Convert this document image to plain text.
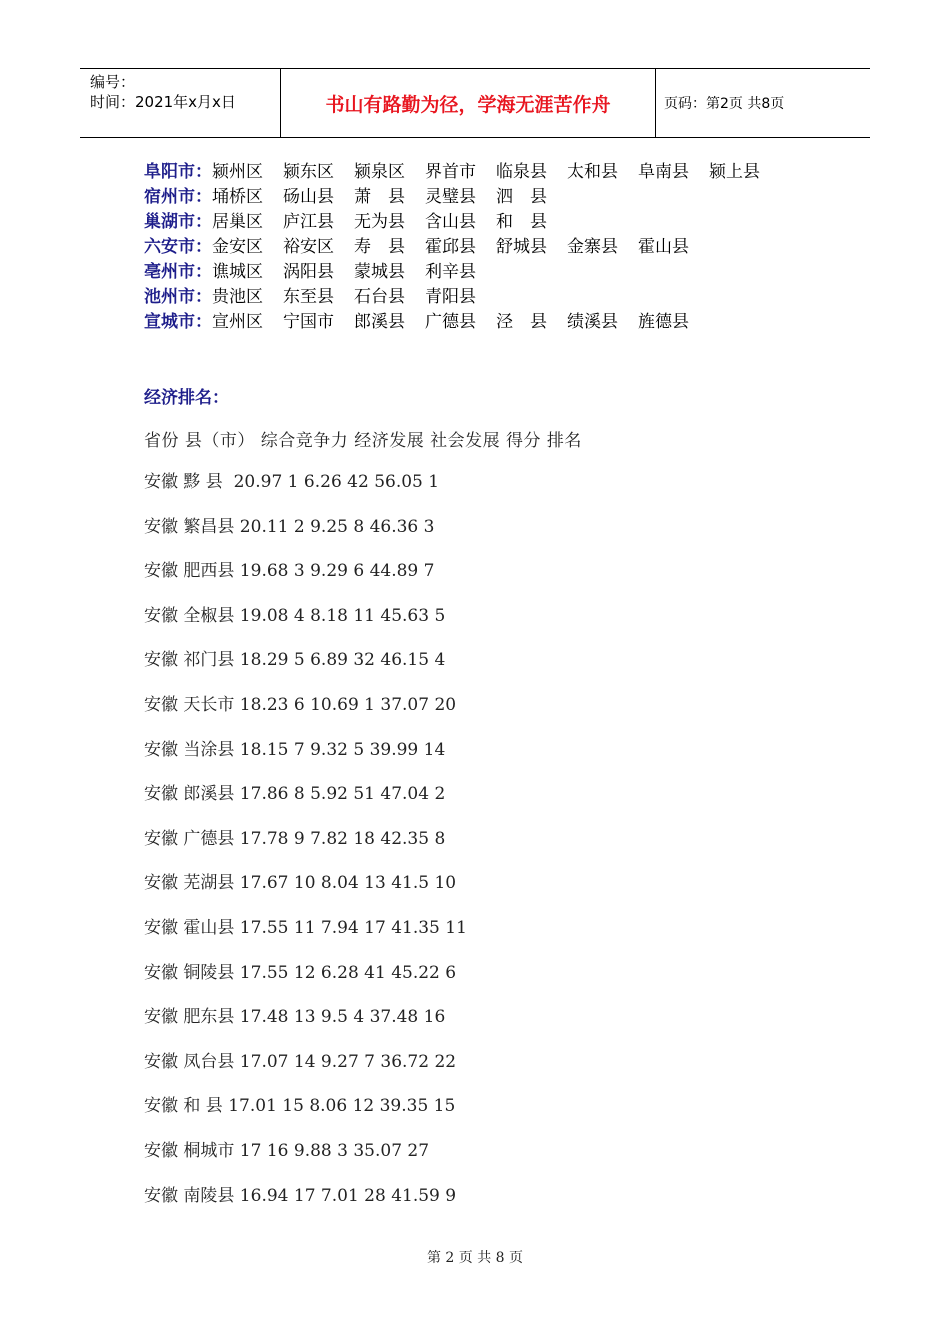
编号：
时间：2021年x月x日	书山有路勤为径，学海无涯苦作舟	页码：第2页 共8页
阜阳市： 颍州区 颍东区 颍泉区 界首市 临泉县 太和县 阜南县 颍上县
宿州市： 埇桥区 砀山县 萧　县 灵璧县 泗　县
巢湖市： 居巢区 庐江县 无为县 含山县 和　县
六安市： 金安区 裕安区 寿　县 霍邱县 舒城县 金寨县 霍山县
亳州市： 谯城区 涡阳县 蒙城县 利辛县
池州市： 贵池区 东至县 石台县 青阳县
宣城市： 宣州区 宁国市 郎溪县 广德县 泾　县 绩溪县 旌德县
经济排名：
省份 县（市） 综合竞争力 经济发展 社会发展 得分 排名
安徽 黟 县  20.97 1 6.26 42 56.05 1
安徽 繁昌县 20.11 2 9.25 8 46.36 3
安徽 肥西县 19.68 3 9.29 6 44.89 7
安徽 全椒县 19.08 4 8.18 11 45.63 5
安徽 祁门县 18.29 5 6.89 32 46.15 4
安徽 天长市 18.23 6 10.69 1 37.07 20
安徽 当涂县 18.15 7 9.32 5 39.99 14
安徽 郎溪县 17.86 8 5.92 51 47.04 2
安徽 广德县 17.78 9 7.82 18 42.35 8
安徽 芜湖县 17.67 10 8.04 13 41.5 10
安徽 霍山县 17.55 11 7.94 17 41.35 11
安徽 铜陵县 17.55 12 6.28 41 45.22 6
安徽 肥东县 17.48 13 9.5 4 37.48 16
安徽 凤台县 17.07 14 9.27 7 36.72 22
安徽 和 县 17.01 15 8.06 12 39.35 15
安徽 桐城市 17 16 9.88 3 35.07 27
安徽 南陵县 16.94 17 7.01 28 41.59 9
第 2 页 共 8 页
